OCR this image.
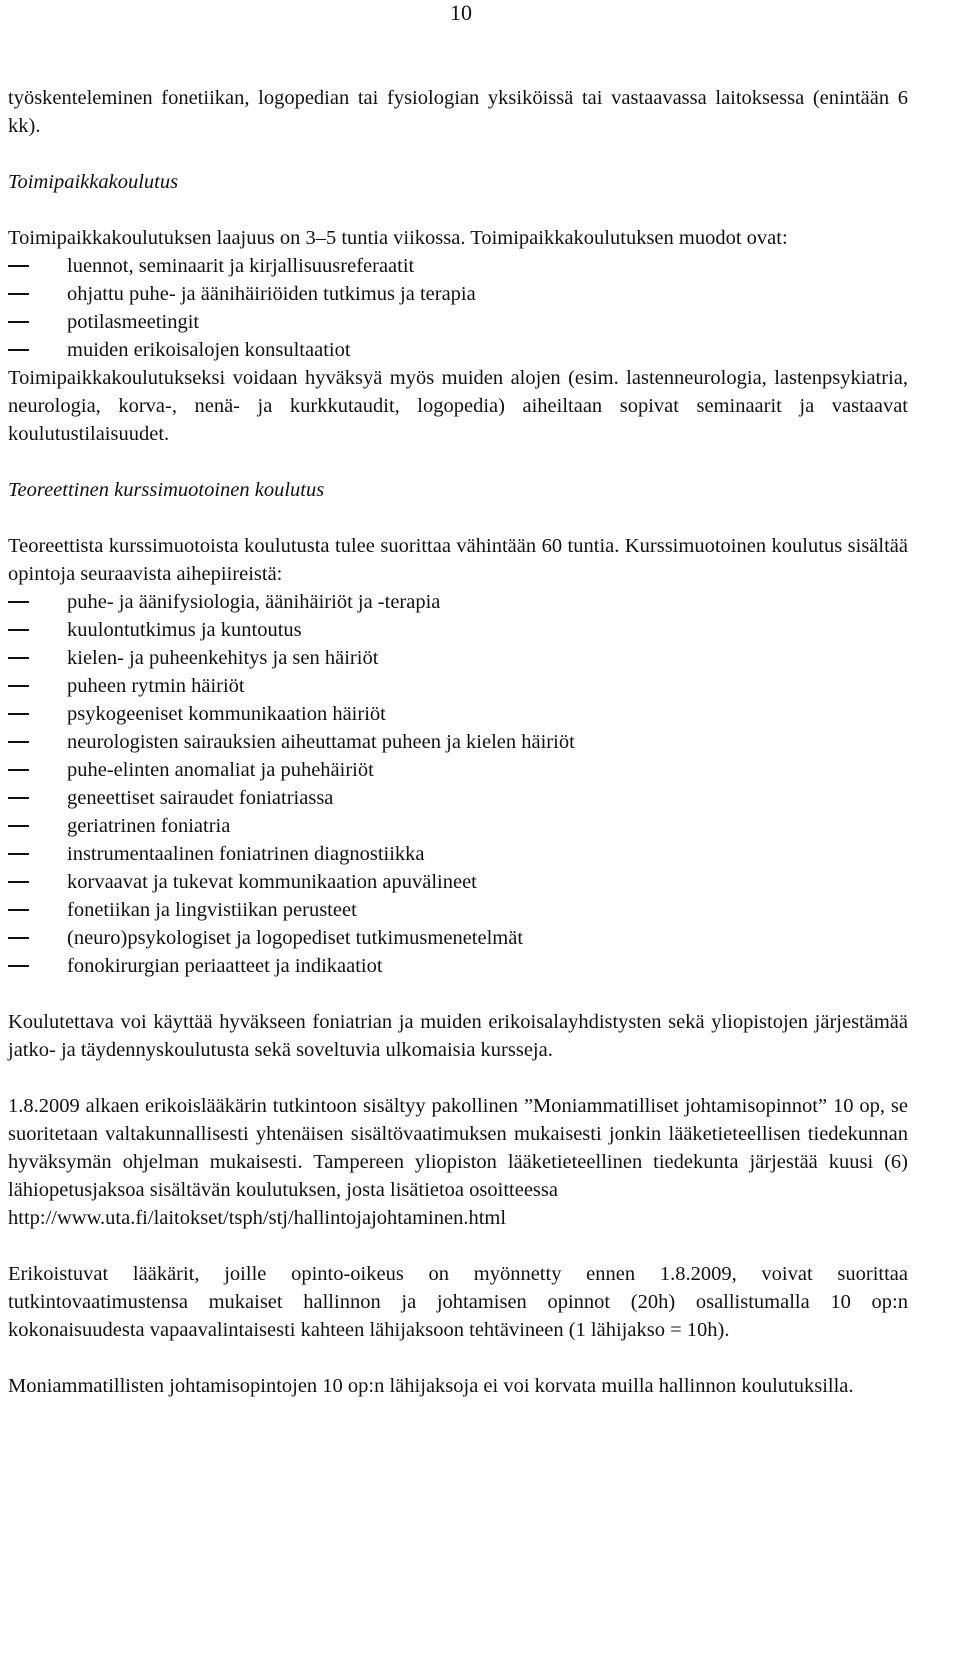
10

työskenteleminen fonetiikan, logopedian tai fysiologian yksiköissä tai vastaavassa laitoksessa (enintään 6 kk).

Toimipaikkakoulutus

Toimipaikkakoulutuksen laajuus on 3–5 tuntia viikossa. Toimipaikkakoulutuksen muodot ovat:

luennot, seminaarit ja kirjallisuusreferaatit
ohjattu puhe- ja äänihäiriöiden tutkimus ja terapia
potilasmeetingit
muiden erikoisalojen konsultaatiot

Toimipaikkakoulutukseksi voidaan hyväksyä myös muiden alojen (esim. lastenneurologia, lastenpsykiatria, neurologia, korva-, nenä- ja kurkkutaudit, logopedia) aiheiltaan sopivat seminaarit ja vastaavat koulutustilaisuudet.

Teoreettinen kurssimuotoinen koulutus

Teoreettista kurssimuotoista koulutusta tulee suorittaa vähintään 60 tuntia. Kurssimuotoinen koulutus sisältää opintoja seuraavista aihepiireistä:

puhe- ja äänifysiologia, äänihäiriöt ja -terapia
kuulontutkimus ja kuntoutus
kielen- ja puheenkehitys ja sen häiriöt
puheen rytmin häiriöt
psykogeeniset kommunikaation häiriöt
neurologisten sairauksien aiheuttamat puheen ja kielen häiriöt
puhe-elinten anomaliat ja puhehäiriöt
geneettiset sairaudet foniatriassa
geriatrinen foniatria
instrumentaalinen foniatrinen diagnostiikka
korvaavat ja tukevat kommunikaation apuvälineet
fonetiikan ja lingvistiikan perusteet
(neuro)psykologiset ja logopediset tutkimusmenetelmät
fonokirurgian periaatteet ja indikaatiot

Koulutettava voi käyttää hyväkseen foniatrian ja muiden erikoisalayhdistysten sekä yliopistojen järjestämää jatko- ja täydennyskoulutusta sekä soveltuvia ulkomaisia kursseja.

1.8.2009 alkaen erikoislääkärin tutkintoon sisältyy pakollinen ”Moniammatilliset johtamisopinnot” 10 op, se suoritetaan valtakunnallisesti yhtenäisen sisältövaatimuksen mukaisesti jonkin lääketieteellisen tiedekunnan hyväksymän ohjelman mukaisesti. Tampereen yliopiston lääketieteellinen tiedekunta järjestää kuusi (6) lähiopetusjaksoa sisältävän koulutuksen, josta lisätietoa osoitteessa

http://www.uta.fi/laitokset/tsph/stj/hallintojajohtaminen.html

Erikoistuvat lääkärit, joille opinto-oikeus on myönnetty ennen 1.8.2009, voivat suorittaa tutkintovaatimustensa mukaiset hallinnon ja johtamisen opinnot (20h) osallistumalla 10 op:n kokonaisuudesta vapaavalintaisesti kahteen lähijaksoon tehtävineen (1 lähijakso = 10h).

Moniammatillisten johtamisopintojen 10 op:n lähijaksoja ei voi korvata muilla hallinnon koulutuksilla.
